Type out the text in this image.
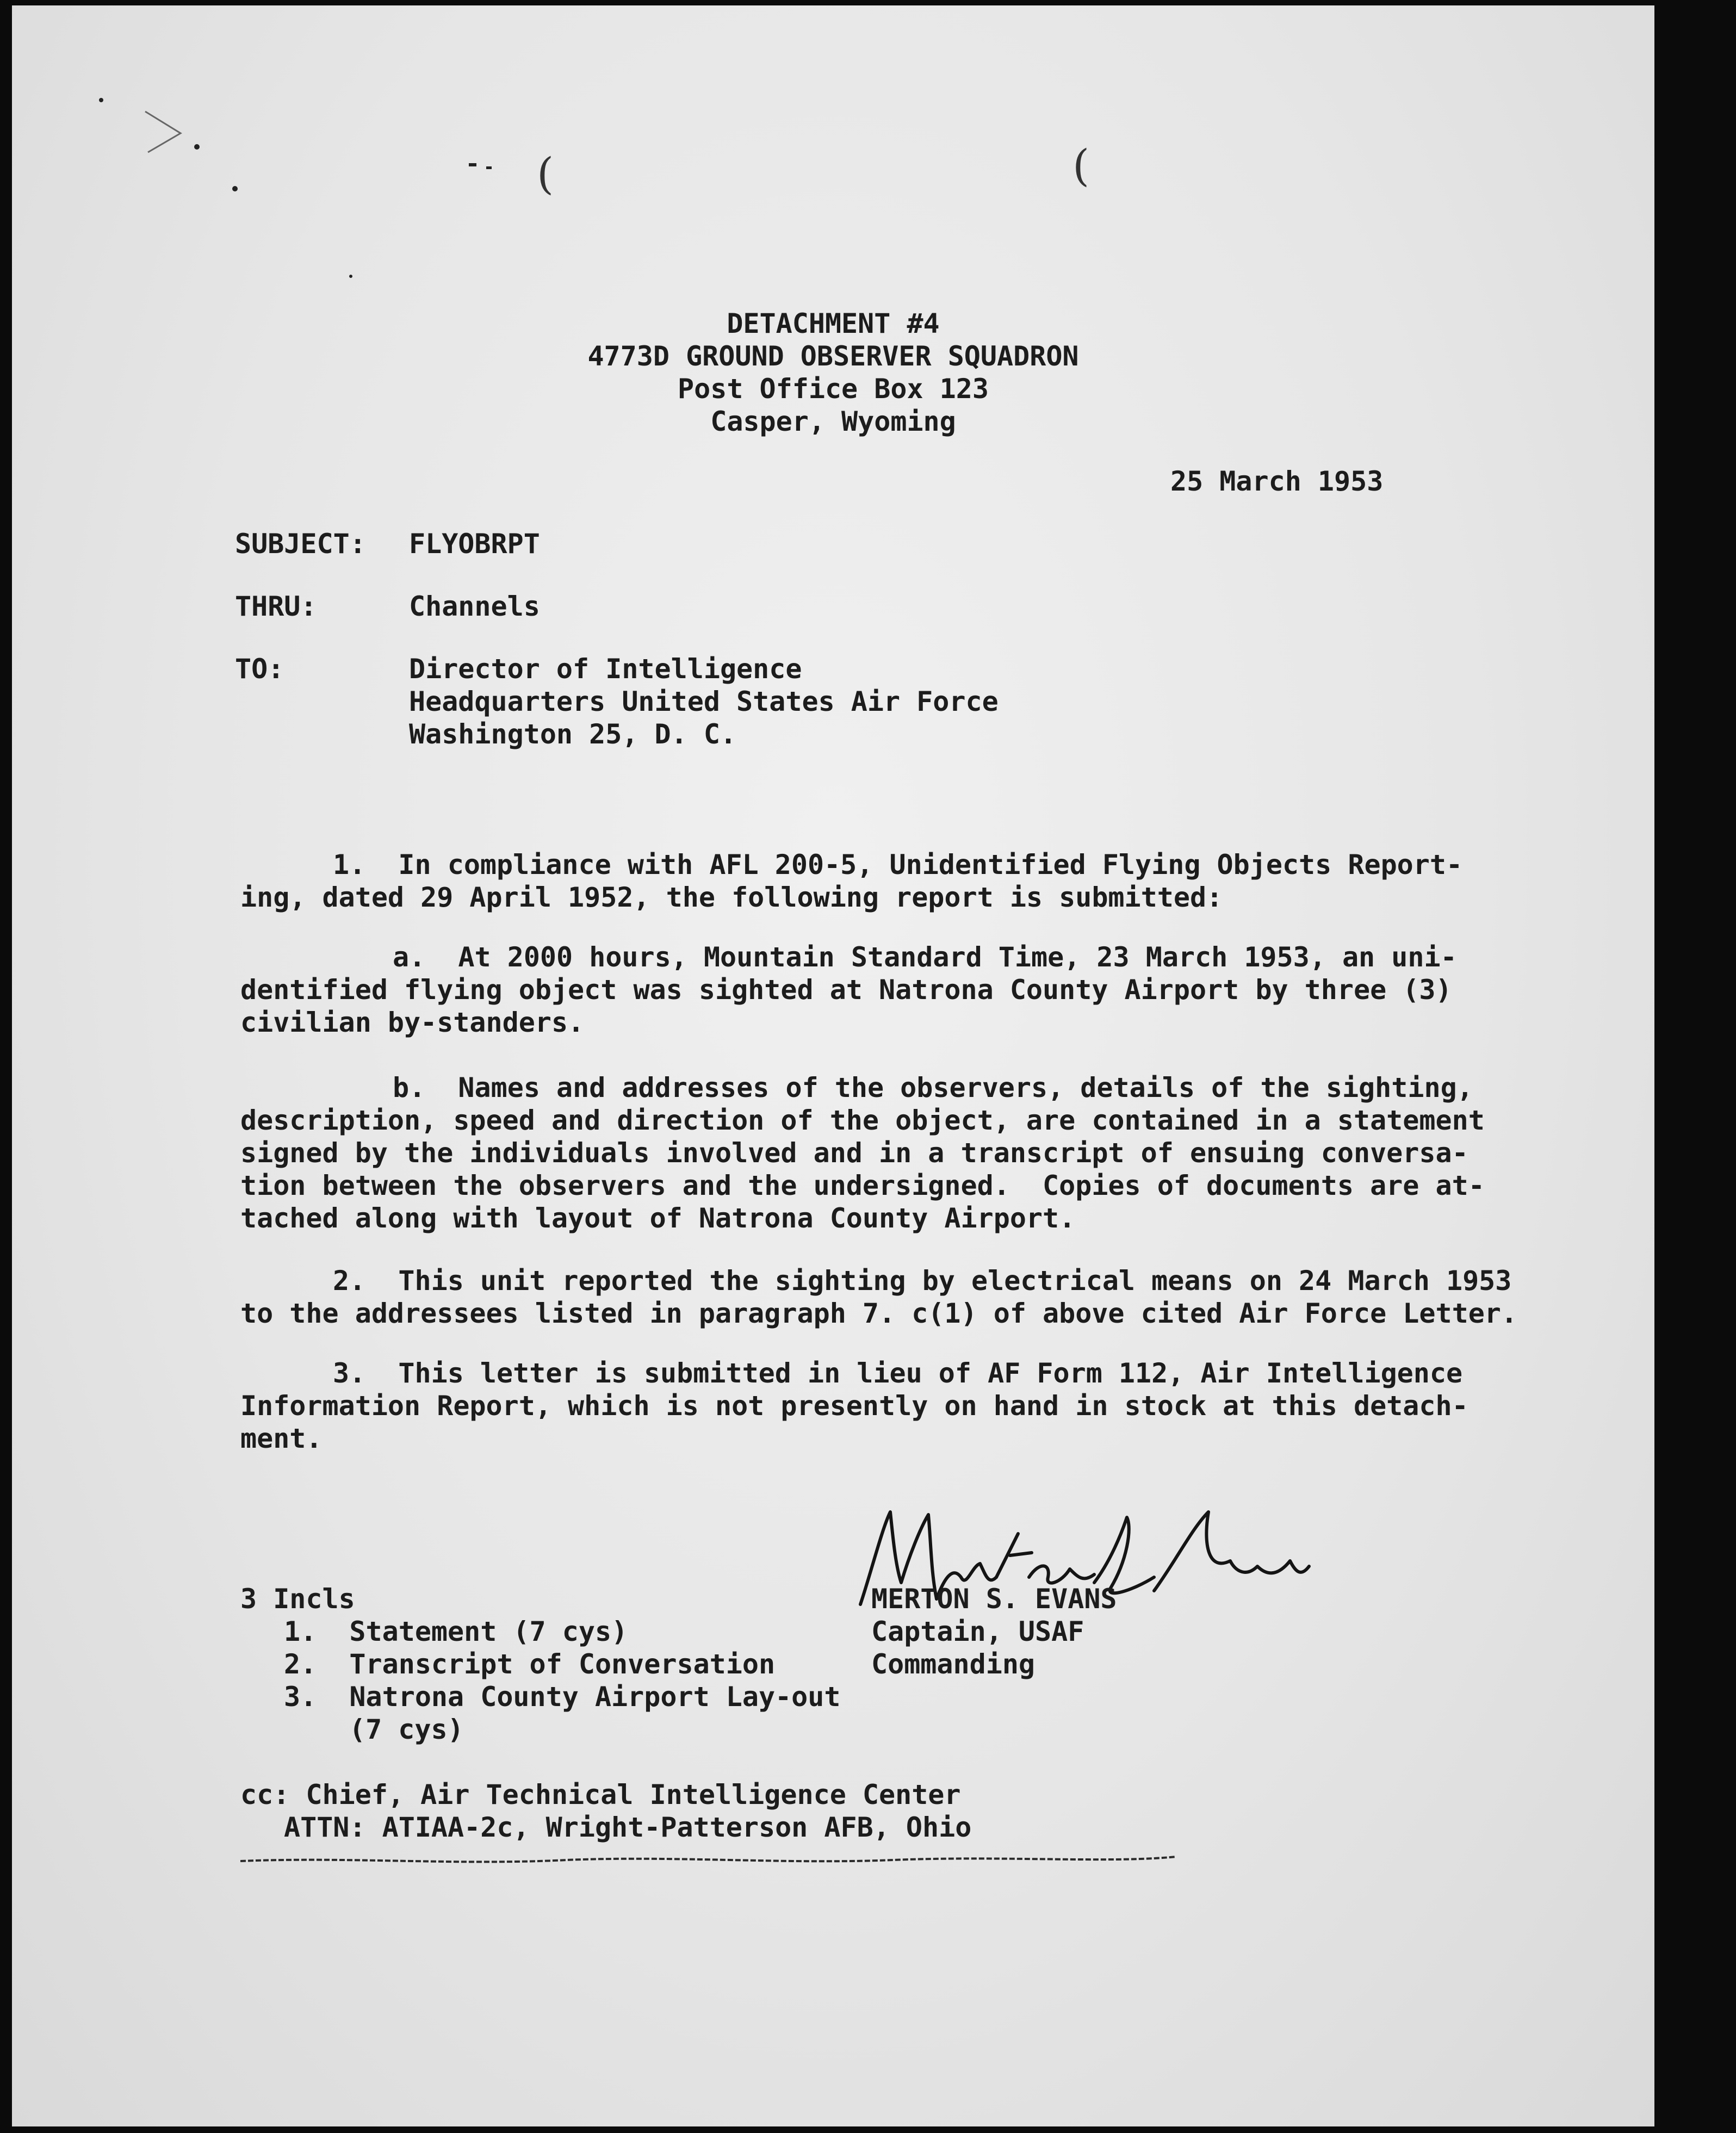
(	(
DETACHMENT #4
4773D GROUND OBSERVER SQUADRON
Post Office Box 123
Casper, Wyoming
25 March 1953
SUBJECT: FLYOBRPT
THRU:	Channels
TO:	Director of Intelligence
Headquarters United States Air Force
Washington 25, D. C.
1.  In compliance with AFL 200-5, Unidentified Flying Objects Report-
ing, dated 29 April 1952, the following report is submitted:
a.  At 2000 hours, Mountain Standard Time, 23 March 1953, an uni-
dentified flying object was sighted at Natrona County Airport by three (3)
civilian by-standers.
b.  Names and addresses of the observers, details of the sighting,
description, speed and direction of the object, are contained in a statement
signed by the individuals involved and in a transcript of ensuing conversa-
tion between the observers and the undersigned.  Copies of documents are at-
tached along with layout of Natrona County Airport.
2.  This unit reported the sighting by electrical means on 24 March 1953
to the addressees listed in paragraph 7. c(1) of above cited Air Force Letter.
3.  This letter is submitted in lieu of AF Form 112, Air Intelligence
Information Report, which is not presently on hand in stock at this detach-
ment.
MERTON S. EVANS
Captain, USAF
Commanding
3 Incls
1.  Statement (7 cys)
2.  Transcript of Conversation
3.  Natrona County Airport Lay-out
(7 cys)
cc: Chief, Air Technical Intelligence Center
ATTN: ATIAA-2c, Wright-Patterson AFB, Ohio
